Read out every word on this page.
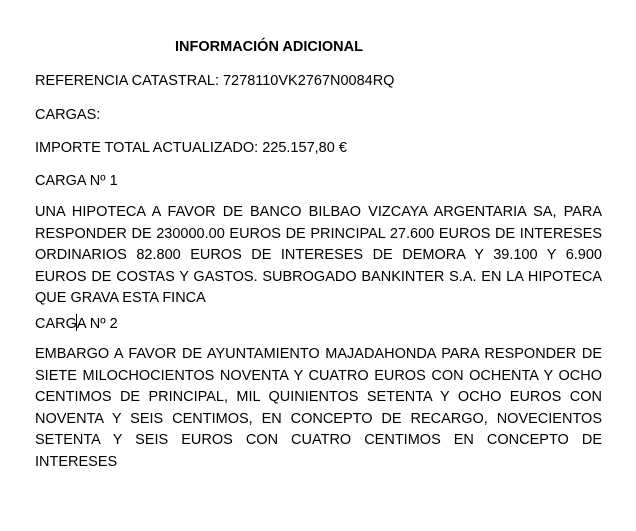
INFORMACIÓN ADICIONAL
REFERENCIA CATASTRAL: 7278110VK2767N0084RQ
CARGAS:
IMPORTE TOTAL ACTUALIZADO: 225.157,80 €
CARGA Nº 1
UNA HIPOTECA A FAVOR DE BANCO BILBAO VIZCAYA ARGENTARIA SA, PARA RESPONDER DE 230000.00 EUROS DE PRINCIPAL 27.600 EUROS DE INTERESES ORDINARIOS 82.800 EUROS DE INTERESES DE DEMORA Y 39.100 Y 6.900 EUROS DE COSTAS Y GASTOS. SUBROGADO BANKINTER S.A. EN LA HIPOTECA QUE GRAVA ESTA FINCA
CARGA Nº 2
EMBARGO A FAVOR DE AYUNTAMIENTO MAJADAHONDA PARA RESPONDER DE SIETE MILOCHOCIENTOS NOVENTA Y CUATRO EUROS CON OCHENTA Y OCHO CENTIMOS DE PRINCIPAL, MIL QUINIENTOS SETENTA Y OCHO EUROS CON NOVENTA Y SEIS CENTIMOS, EN CONCEPTO DE RECARGO, NOVECIENTOS SETENTA Y SEIS EUROS CON CUATRO CENTIMOS EN CONCEPTO DE INTERESES
